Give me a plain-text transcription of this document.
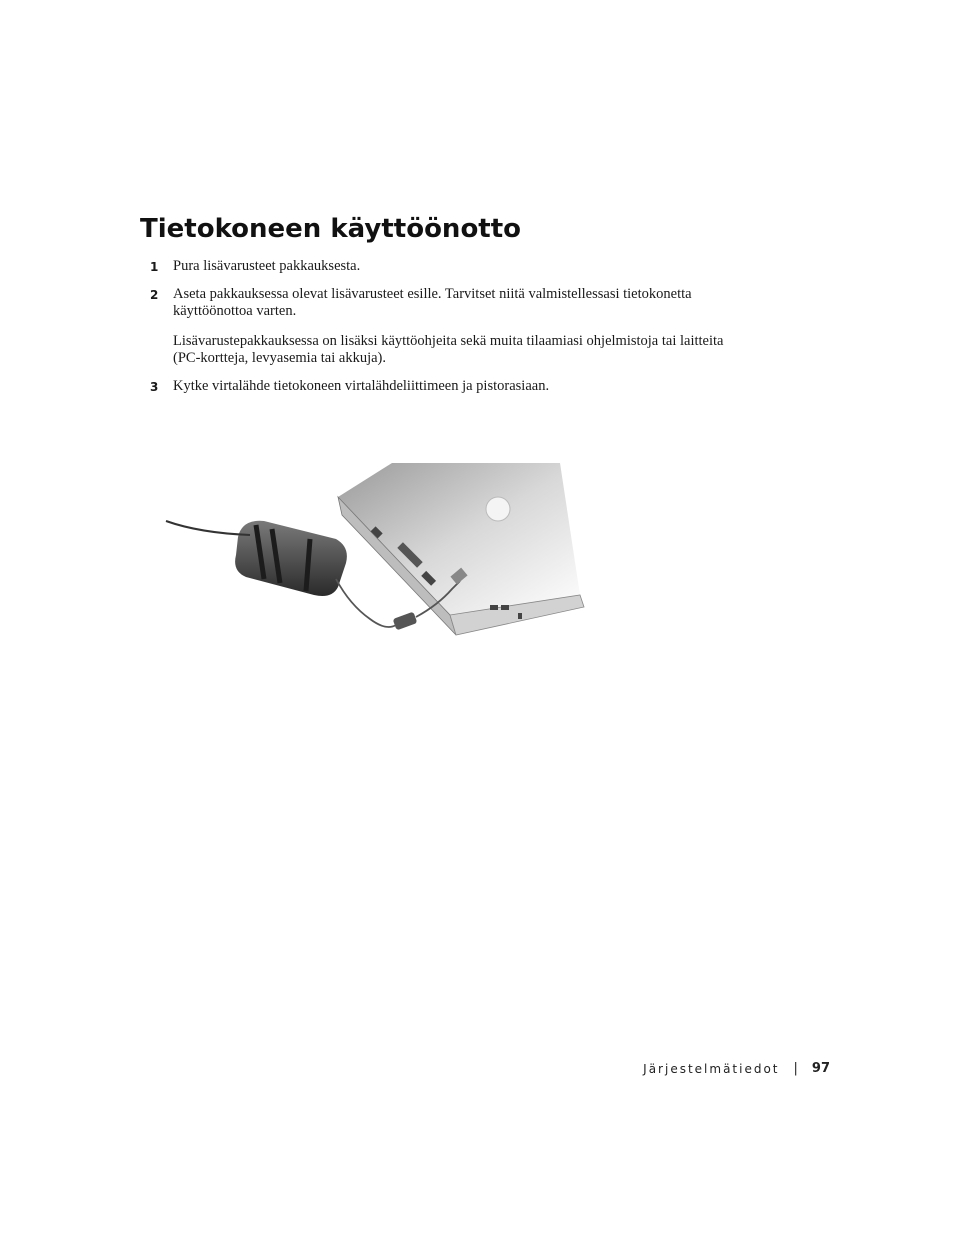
Tietokoneen käyttöönotto
1 Pura lisävarusteet pakkauksesta.

2 Aseta pakkauksessa olevat lisävarusteet esille. Tarvitset niitä valmistellessasi tietokonetta käyttöönottoa varten.

Lisävarustepakkauksessa on lisäksi käyttöohjeita sekä muita tilaamiasi ohjelmistoja tai laitteita (PC-kortteja, levyasemia tai akkuja).

3 Kytke virtalähde tietokoneen virtalähdeliittimeen ja pistorasiaan.

Järjestelmätiedot | 97
